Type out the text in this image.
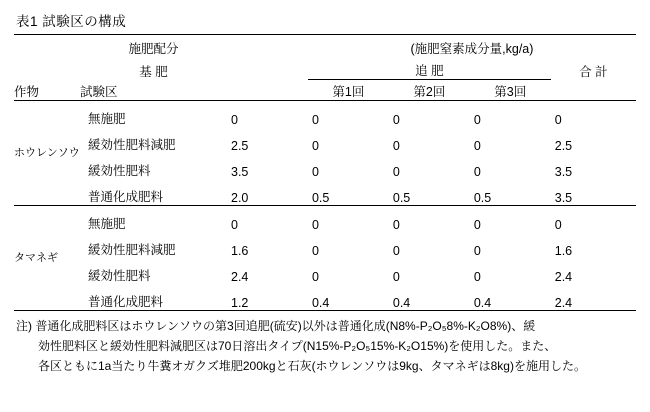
表1 試験区の構成
	施肥配分		(施肥窒素成分量,kg/a)			
	基 肥		追 肥			合 計
作物	試験区		第1回	第2回	第3回	

ホウレンソウ	無施肥	0	0	0	0	0
	緩効性肥料減肥	2.5	0	0	0	2.5
	緩効性肥料	3.5	0	0	0	3.5
	普通化成肥料	2.0	0.5	0.5	0.5	3.5

タマネギ	無施肥	0	0	0	0	0
	緩効性肥料減肥	1.6	0	0	0	1.6
	緩効性肥料	2.4	0	0	0	2.4
	普通化成肥料	1.2	0.4	0.4	0.4	2.4
注) 普通化成肥料区はホウレンソウの第3回追肥(硫安)以外は普通化成(N8%-P₂O₅8%-K₂O8%)、緩
効性肥料区と緩効性肥料減肥区は70日溶出タイプ(N15%-P₂O₅15%-K₂O15%)を使用した。また、
各区ともに1a当たり牛糞オガクズ堆肥200kgと石灰(ホウレンソウは9kg、タマネギは8kg)を施用した。
